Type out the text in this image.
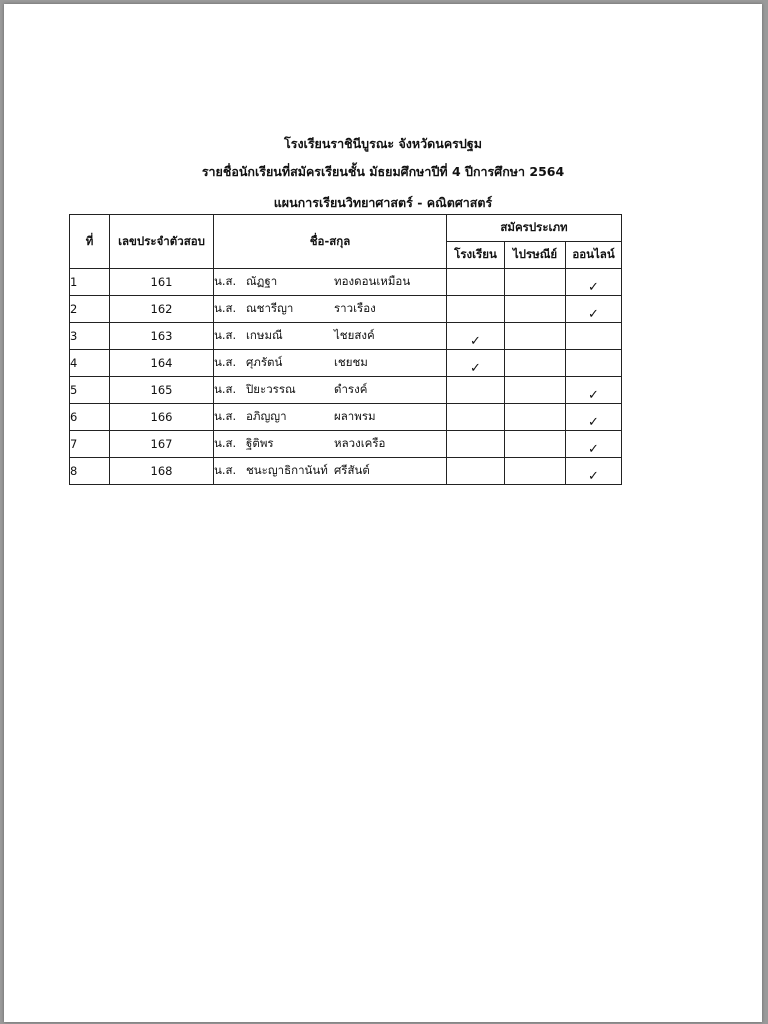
โรงเรียนราชินีบูรณะ จังหวัดนครปฐม
รายชื่อนักเรียนที่สมัครเรียนชั้น มัธยมศึกษาปีที่ 4 ปีการศึกษา 2564
แผนการเรียนวิทยาศาสตร์ - คณิตศาสตร์
ที่	เลขประจำตัวสอบ	ชื่อ-สกุล	สมัครประเภท		
			โรงเรียน	ไปรษณีย์	ออนไลน์
1	161	น.ส. ณัฏฐา ทองดอนเหมือน			✓
2	162	น.ส. ณชารีญา ราวเรือง			✓
3	163	น.ส. เกษมณี ไชยสงค์	✓		
4	164	น.ส. ศุภรัตน์ เชยชม	✓		
5	165	น.ส. ปิยะวรรณ ดำรงค์			✓
6	166	น.ส. อภิญญา ผลาพรม			✓
7	167	น.ส. ฐิติพร หลวงเครือ			✓
8	168	น.ส. ชนะญาธิกานันท์ ศรีสันต์			✓
